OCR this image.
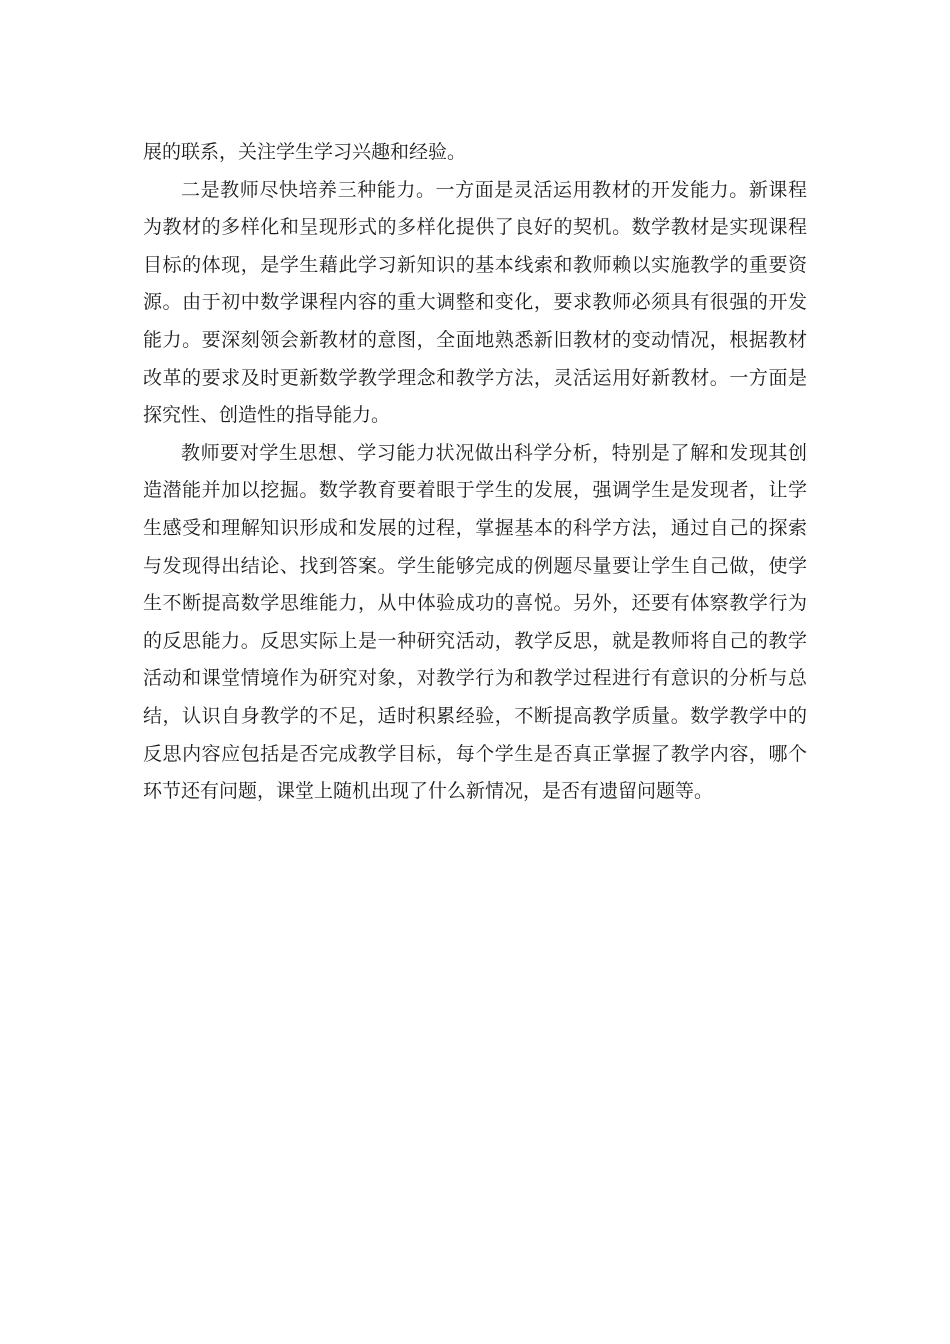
展的联系，关注学生学习兴趣和经验。

二是教师尽快培养三种能力。一方面是灵活运用教材的开发能力。新课程为教材的多样化和呈现形式的多样化提供了良好的契机。数学教材是实现课程目标的体现，是学生藉此学习新知识的基本线索和教师赖以实施教学的重要资源。由于初中数学课程内容的重大调整和变化，要求教师必须具有很强的开发能力。要深刻领会新教材的意图，全面地熟悉新旧教材的变动情况，根据教材改革的要求及时更新数学教学理念和教学方法，灵活运用好新教材。一方面是探究性、创造性的指导能力。

教师要对学生思想、学习能力状况做出科学分析，特别是了解和发现其创造潜能并加以挖掘。数学教育要着眼于学生的发展，强调学生是发现者，让学生感受和理解知识形成和发展的过程，掌握基本的科学方法，通过自己的探索与发现得出结论、找到答案。学生能够完成的例题尽量要让学生自己做，使学生不断提高数学思维能力，从中体验成功的喜悦。另外，还要有体察教学行为的反思能力。反思实际上是一种研究活动，教学反思，就是教师将自己的教学活动和课堂情境作为研究对象，对教学行为和教学过程进行有意识的分析与总结，认识自身教学的不足，适时积累经验，不断提高教学质量。数学教学中的反思内容应包括是否完成教学目标，每个学生是否真正掌握了教学内容，哪个环节还有问题，课堂上随机出现了什么新情况，是否有遗留问题等。
